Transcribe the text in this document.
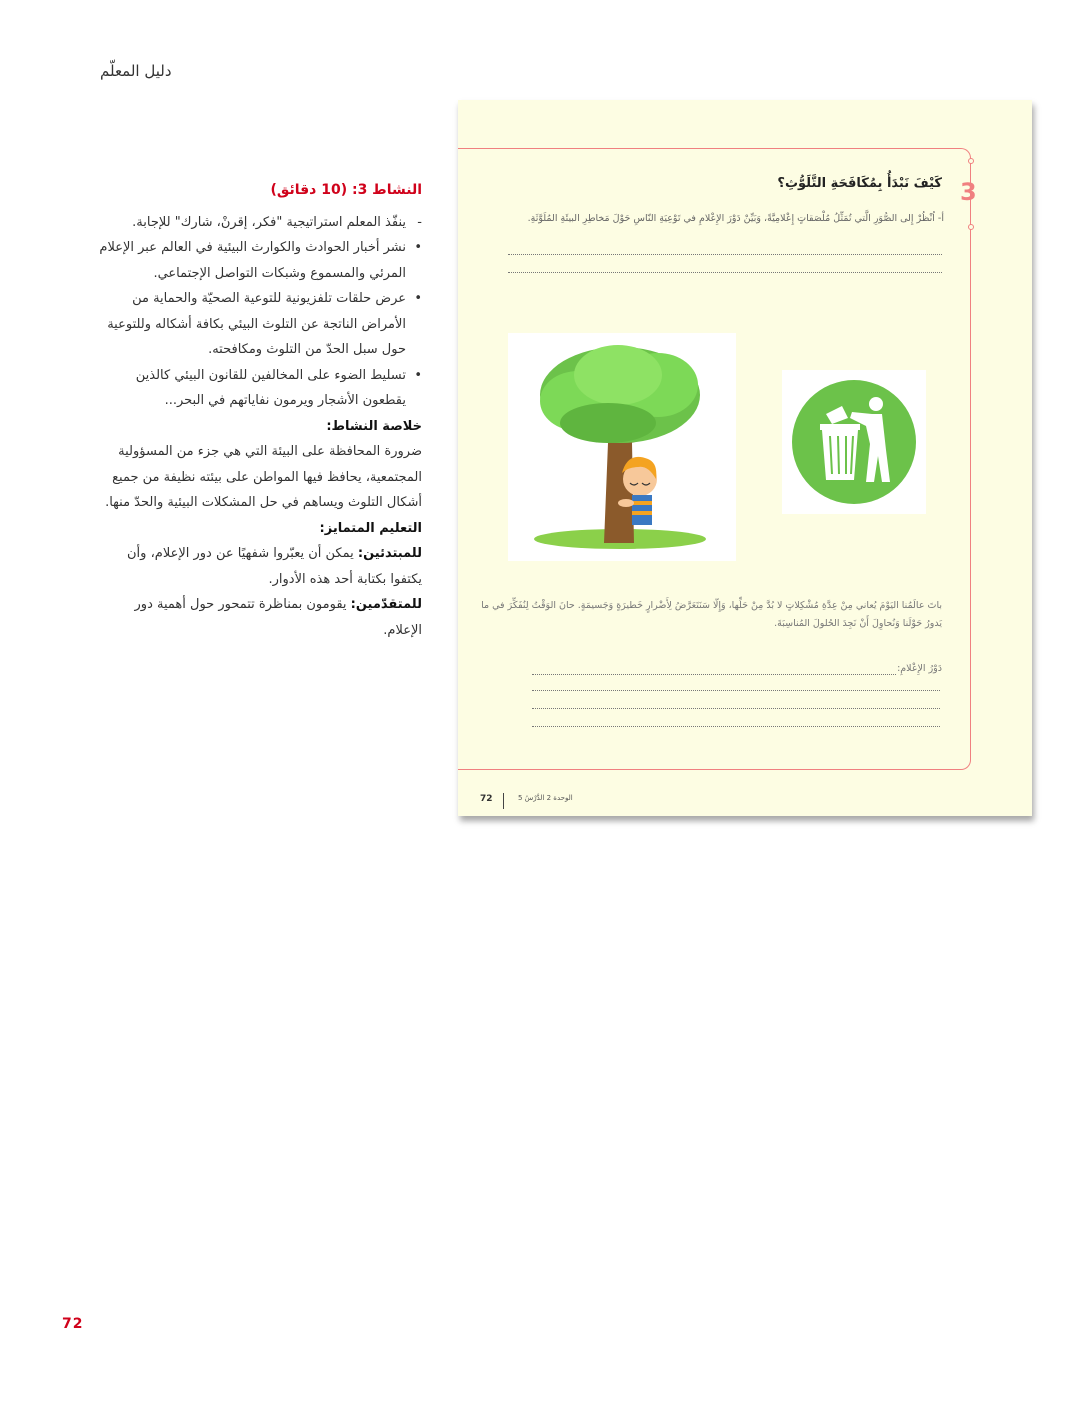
دليل المعلّم
النشاط 3: (10 دقائق)
-
ينفّذ المعلم استراتيجية "فكر، إقرنْ، شارك" للإجابة.
•
نشر أخبار الحوادث والكوارث البيئية في العالم عبر الإعلام المرئي والمسموع وشبكات التواصل الإجتماعي.
•
عرض حلقات تلفزيونية للتوعية الصحيّة والحماية من الأمراض الناتجة عن التلوث البيئي بكافة أشكاله وللتوعية حول سبل الحدّ من التلوث ومكافحته.
•
تسليط الضوء على المخالفين للقانون البيئي كالذين يقطعون الأشجار ويرمون نفاياتهم في البحر...
خلاصة النشاط:

ضرورة المحافظة على البيئة التي هي جزء من المسؤولية المجتمعية، يحافظ فيها المواطن على بيئته نظيفة من جميع أشكال التلوث ويساهم في حل المشكلات البيئية والحدّ منها.

التعليم المتمايز:

للمبتدئين: يمكن أن يعبّروا شفهيًا عن دور الإعلام، وأن يكتفوا بكتابة أحد هذه الأدوار.

للمتقدّمين: يقومون بمناظرة تتمحور حول أهمية دور الإعلام.

72
3
كَيْفَ نَبْدَأُ بِمُكَافَحَةِ التَّلَوُّثِ؟
أ- اُنْظُرْ إِلى الصُّوَرِ الَّتي تُمَثِّلُ مُلْصَقاتٍ إِعْلامِيَّةً، وَبَيِّنْ دَوْرَ الإِعْلامِ في تَوْعِيَةِ النّاسِ حَوْلَ مَخاطِرِ البيئَةِ المُلَوَّثَةِ.
باتَ عالَمُنا اليَوْمَ يُعاني مِنْ عِدَّةِ مُشْكِلاتٍ لا بُدَّ مِنْ حَلِّها، وَإِلّا سَنَتَعَرَّضُ لِأَضْرارٍ خَطيرَةٍ وَجَسيمَةٍ. حانَ الوَقْتُ لِنُفَكِّرَ في ما يَدورُ حَوْلَنا وَنُحاوِلَ أَنْ نَجِدَ الحُلولَ المُناسِبَةَ.
دَوْرُ الإِعْلامِ:
72	الوحدة 2 الدَّرْسُ 5
